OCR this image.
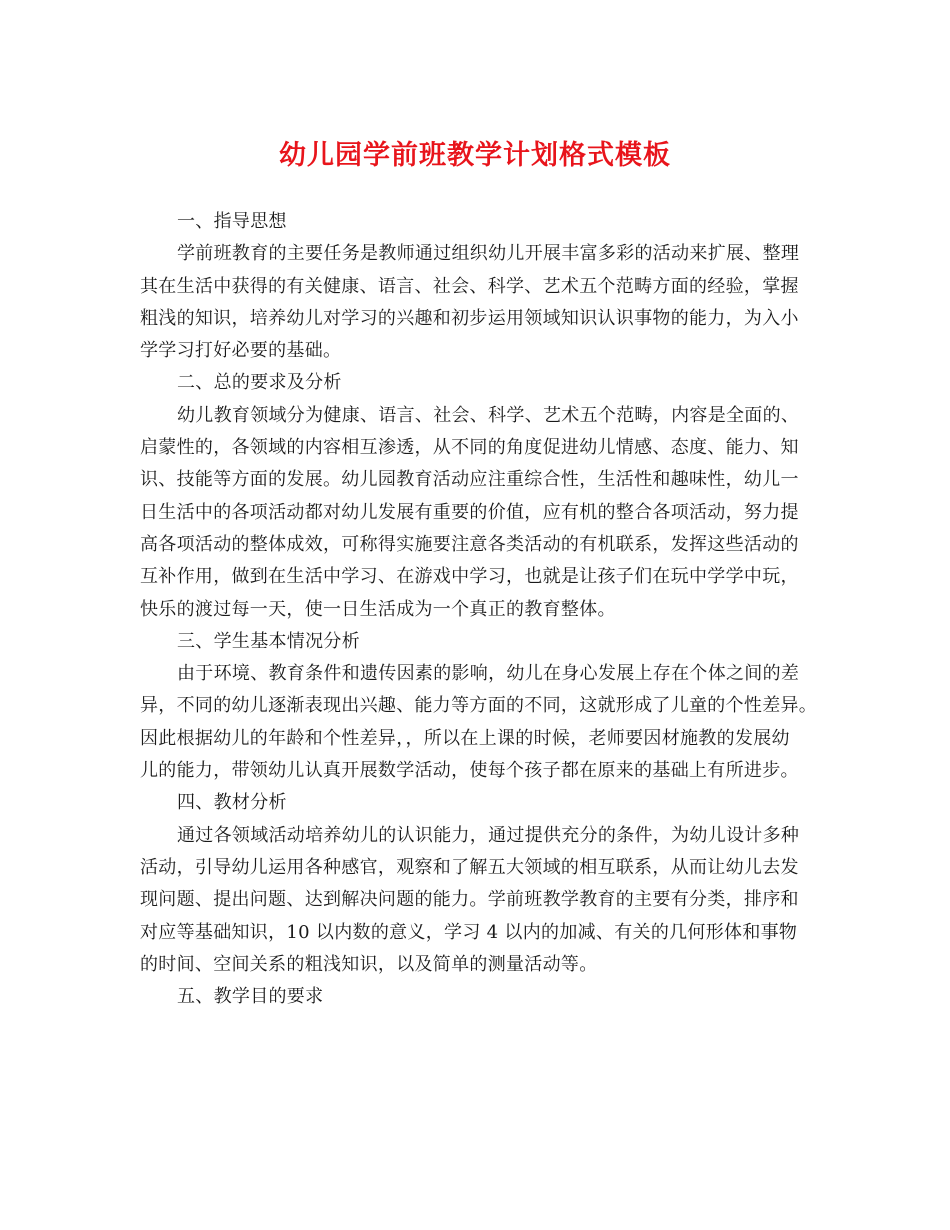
幼儿园学前班教学计划格式模板
一、指导思想
学前班教育的主要任务是教师通过组织幼儿开展丰富多彩的活动来扩展、整理
其在生活中获得的有关健康、语言、社会、科学、艺术五个范畴方面的经验，掌握
粗浅的知识，培养幼儿对学习的兴趣和初步运用领域知识认识事物的能力，为入小
学学习打好必要的基础。
二、总的要求及分析
幼儿教育领域分为健康、语言、社会、科学、艺术五个范畴，内容是全面的、
启蒙性的，各领域的内容相互渗透，从不同的角度促进幼儿情感、态度、能力、知
识、技能等方面的发展。幼儿园教育活动应注重综合性，生活性和趣味性，幼儿一
日生活中的各项活动都对幼儿发展有重要的价值，应有机的整合各项活动，努力提
高各项活动的整体成效，可称得实施要注意各类活动的有机联系，发挥这些活动的
互补作用，做到在生活中学习、在游戏中学习，也就是让孩子们在玩中学学中玩，
快乐的渡过每一天，使一日生活成为一个真正的教育整体。
三、学生基本情况分析
由于环境、教育条件和遗传因素的影响，幼儿在身心发展上存在个体之间的差
异，不同的幼儿逐渐表现出兴趣、能力等方面的不同，这就形成了儿童的个性差异。
因此根据幼儿的年龄和个性差异，，所以在上课的时候，老师要因材施教的发展幼
儿的能力，带领幼儿认真开展数学活动，使每个孩子都在原来的基础上有所进步。
四、教材分析
通过各领域活动培养幼儿的认识能力，通过提供充分的条件，为幼儿设计多种
活动，引导幼儿运用各种感官，观察和了解五大领域的相互联系，从而让幼儿去发
现问题、提出问题、达到解决问题的能力。学前班教学教育的主要有分类，排序和
对应等基础知识，10 以内数的意义，学习 4 以内的加减、有关的几何形体和事物
的时间、空间关系的粗浅知识，以及简单的测量活动等。
五、教学目的要求
